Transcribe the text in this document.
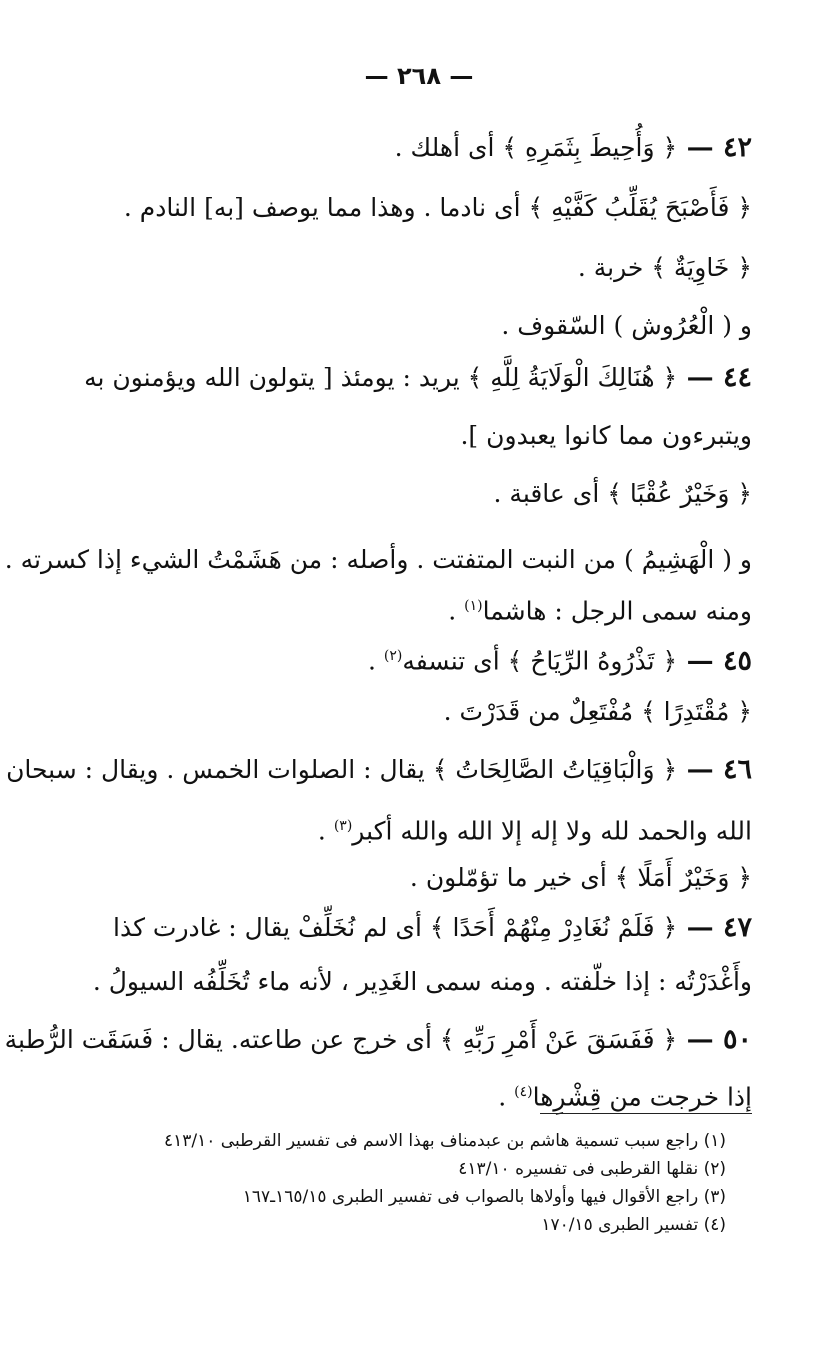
— ٢٦٨ —
٤٢ — ﴿ وَأُحِيطَ بِثَمَرِهِ ﴾ أى أهلك .
﴿ فَأَصْبَحَ يُقَلِّبُ كَفَّيْهِ ﴾ أى نادما . وهذا مما يوصف [به] النادم .
﴿ خَاوِيَةٌ ﴾ خربة .
و ( الْعُرُوش ) السّقوف .
٤٤ — ﴿ هُنَالِكَ الْوَلَايَةُ لِلَّهِ ﴾ يريد : يومئذ [ يتولون الله ويؤمنون به
ويتبرءون مما كانوا يعبدون ].
﴿ وَخَيْرٌ عُقْبًا ﴾ أى عاقبة .
و ( الْهَشِيمُ ) من النبت المتفتت . وأصله : من هَشَمْتُ الشيء إذا كسرته .
ومنه سمى الرجل : هاشما$^{(١)}$ .
٤٥ — ﴿ تَذْرُوهُ الرِّيَاحُ ﴾ أى تنسفه$^{(٢)}$ .
﴿ مُقْتَدِرًا ﴾ مُفْتَعِلٌ من قَدَرْتَ .
٤٦ — ﴿ وَالْبَاقِيَاتُ الصَّالِحَاتُ ﴾ يقال : الصلوات الخمس . ويقال : سبحان
الله والحمد لله ولا إله إلا الله والله أكبر$^{(٣)}$ .
﴿ وَخَيْرٌ أَمَلًا ﴾ أى خير ما تؤمّلون .
٤٧ — ﴿ فَلَمْ نُغَادِرْ مِنْهُمْ أَحَدًا ﴾ أى لم نُخَلِّفْ يقال : غادرت كذا
وأَغْدَرْتُه : إذا خلّفته . ومنه سمى الغَدِير ، لأنه ماء تُخَلِّفُه السيولُ .
٥٠ — ﴿ فَفَسَقَ عَنْ أَمْرِ رَبِّهِ ﴾ أى خرج عن طاعته. يقال : فَسَقَت الرُّطبة
إذا خرجت من قِشْرِها$^{(٤)}$ .
(١) راجع سبب تسمية هاشم بن عبدمناف بهذا الاسم فى تفسير القرطبى ٤١٣/١٠
(٢) نقلها القرطبى فى تفسيره ٤١٣/١٠
(٣) راجع الأقوال فيها وأولاها بالصواب فى تفسير الطبرى ١٦٥/١٥ـ١٦٧
(٤) تفسير الطبرى ١٧٠/١٥
